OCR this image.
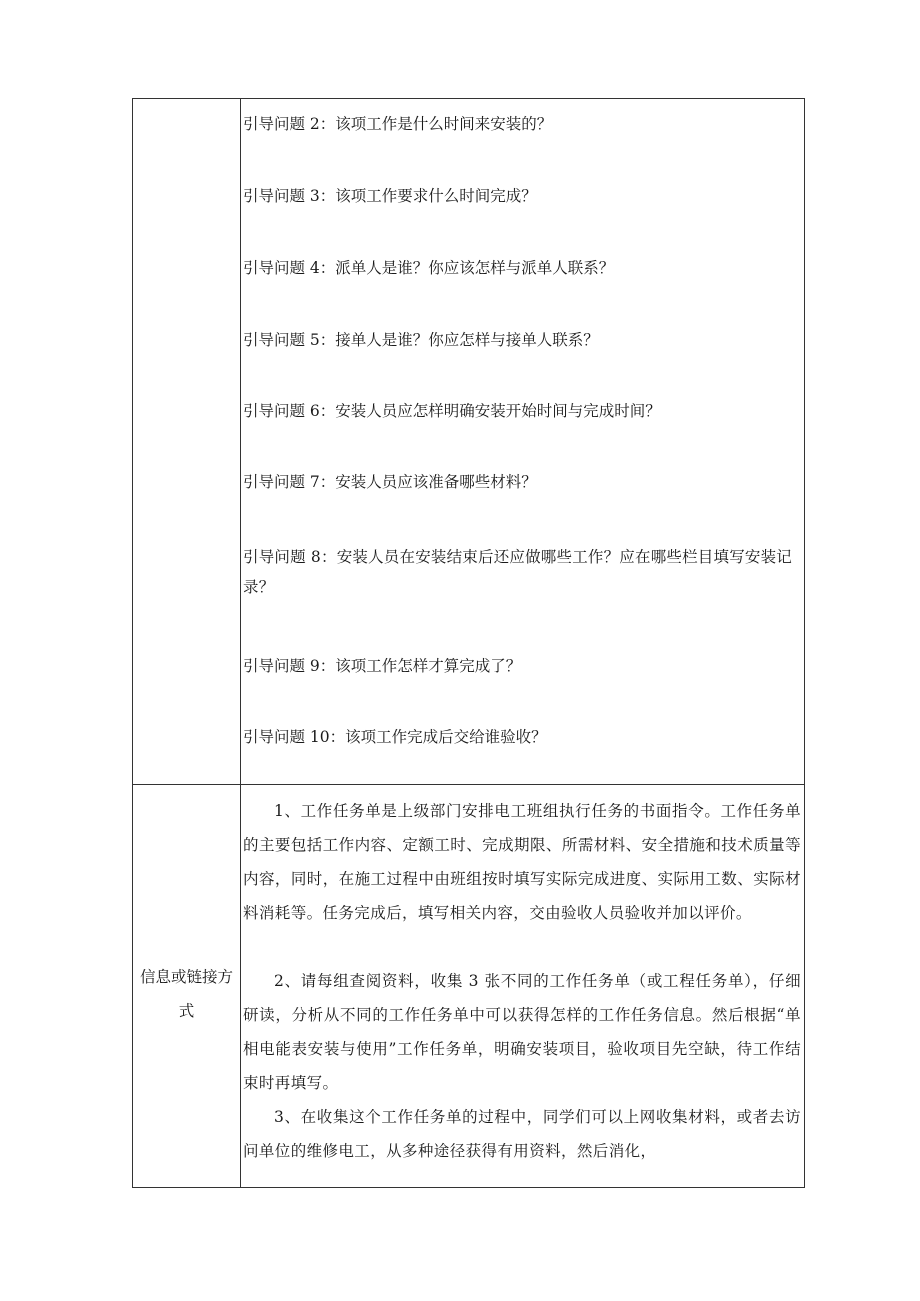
引导问题 2：该项工作是什么时间来安装的？
引导问题 3：该项工作要求什么时间完成？
引导问题 4：派单人是谁？你应该怎样与派单人联系？
引导问题 5：接单人是谁？你应怎样与接单人联系？
引导问题 6：安装人员应怎样明确安装开始时间与完成时间？
引导问题 7：安装人员应该准备哪些材料？
引导问题 8：安装人员在安装结束后还应做哪些工作？应在哪些栏目填写安装记录？
引导问题 9：该项工作怎样才算完成了？
引导问题 10：该项工作完成后交给谁验收？
信息或链接方式
1、工作任务单是上级部门安排电工班组执行任务的书面指令。工作任务单的主要包括工作内容、定额工时、完成期限、所需材料、安全措施和技术质量等内容，同时，在施工过程中由班组按时填写实际完成进度、实际用工数、实际材料消耗等。任务完成后，填写相关内容，交由验收人员验收并加以评价。
2、请每组查阅资料，收集 3 张不同的工作任务单（或工程任务单），仔细研读，分析从不同的工作任务单中可以获得怎样的工作任务信息。然后根据“单相电能表安装与使用”工作任务单，明确安装项目，验收项目先空缺，待工作结束时再填写。
3、在收集这个工作任务单的过程中，同学们可以上网收集材料，或者去访问单位的维修电工，从多种途径获得有用资料，然后消化，
